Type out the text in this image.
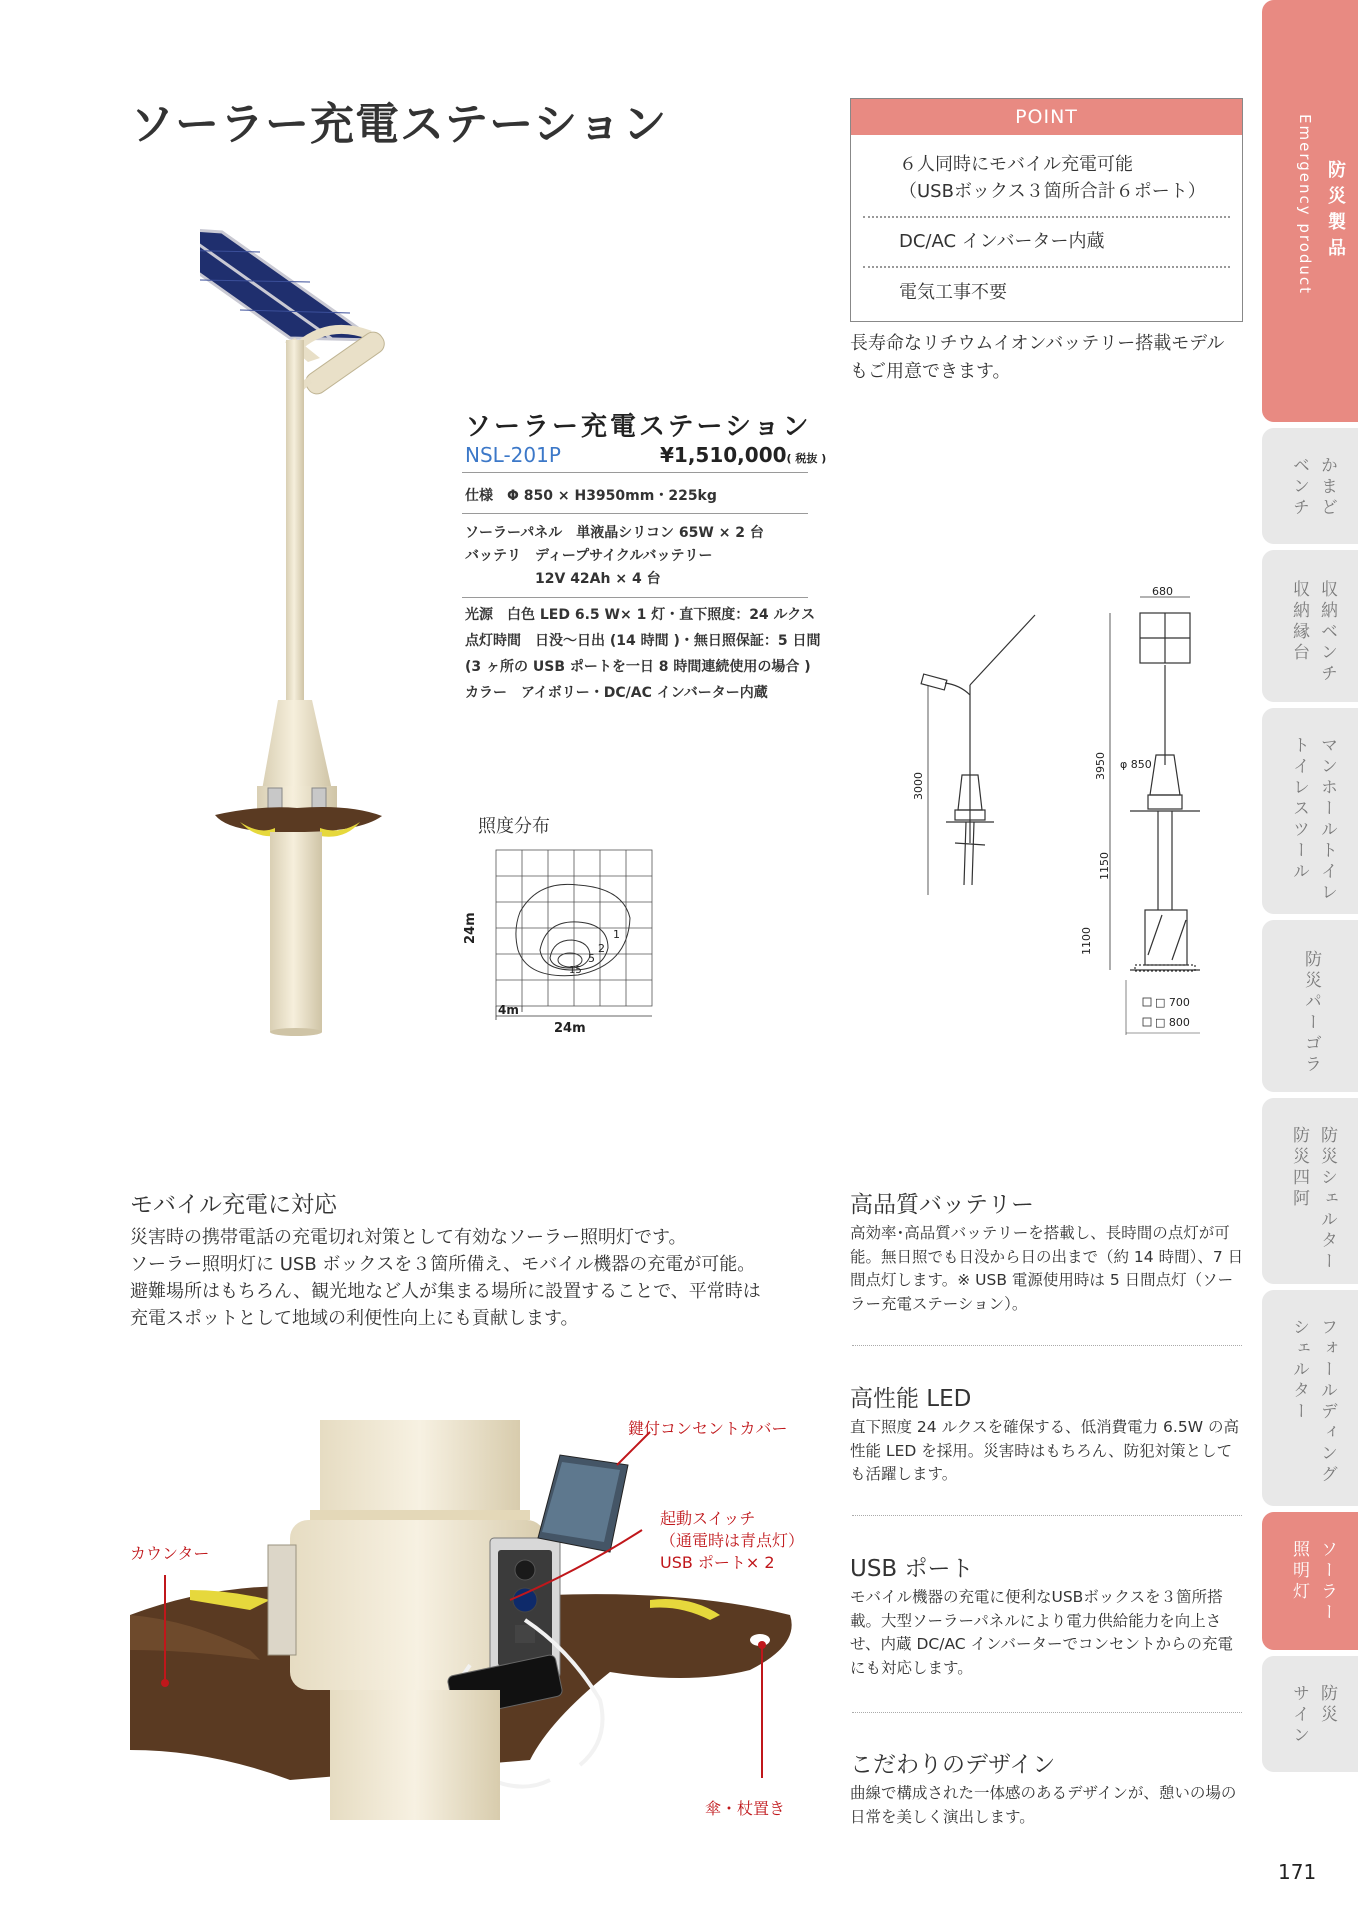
ソーラー充電ステーション	POINT
６人同時にモバイル充電可能
（USBボックス３箇所合計６ポート）
DC/AC インバーター内蔵
電気工事不要
長寿命なリチウムイオンバッテリー搭載モデル
もご用意できます。
ソーラー充電ステーション
NSL-201P	¥1,510,000( 税抜 )
仕様　Φ 850 × H3950mm・225kg
ソーラーパネル　単液晶シリコン 65W × 2 台
バッテリ　ディープサイクルバッテリー
12V 42Ah × 4 台
光源　白色 LED 6.5 W× 1 灯・直下照度：24 ルクス
点灯時間　日没〜日出 (14 時間 )・無日照保証：5 日間
(3 ヶ所の USB ポートを一日 8 時間連続使用の場合 )
カラー　アイボリー・DC/AC インバーター内蔵
照度分布
1
2
5
15
4m
24m
24m
680
3000
3950 φ 850
1150
1100
□ 700
□ 800
モバイル充電に対応
災害時の携帯電話の充電切れ対策として有効なソーラー照明灯です。
ソーラー照明灯に USB ボックスを３箇所備え、モバイル機器の充電が可能。
避難場所はもちろん、観光地など人が集まる場所に設置することで、平常時は
充電スポットとして地域の利便性向上にも貢献します。
鍵付コンセントカバー
起動スイッチ
（通電時は青点灯）
USB ポート× 2
カウンター
傘・杖置き
高品質バッテリー
高効率･高品質バッテリーを搭載し、長時間の点灯が可能。無日照でも日没から日の出まで（約 14 時間）、7 日間点灯します。※ USB 電源使用時は 5 日間点灯（ソーラー充電ステーション）。
高性能 LED
直下照度 24 ルクスを確保する、低消費電力 6.5W の高性能 LED を採用。災害時はもちろん、防犯対策としても活躍します。
USB ポート
モバイル機器の充電に便利なUSBボックスを３箇所搭載。大型ソーラーパネルにより電力供給能力を向上させ、内蔵 DC/AC インバーターでコンセントからの充電にも対応します。
こだわりのデザイン
曲線で構成された一体感のあるデザインが、憩いの場の日常を美しく演出します。
防災製品
Emergency product
かまど
ベンチ
収納ベンチ
収納縁台
マンホールトイレ
トイレスツール
防災パーゴラ
防災シェルター
防災四阿
フォールディング
シェルター
ソーラー
照明灯
防災
サイン
171
